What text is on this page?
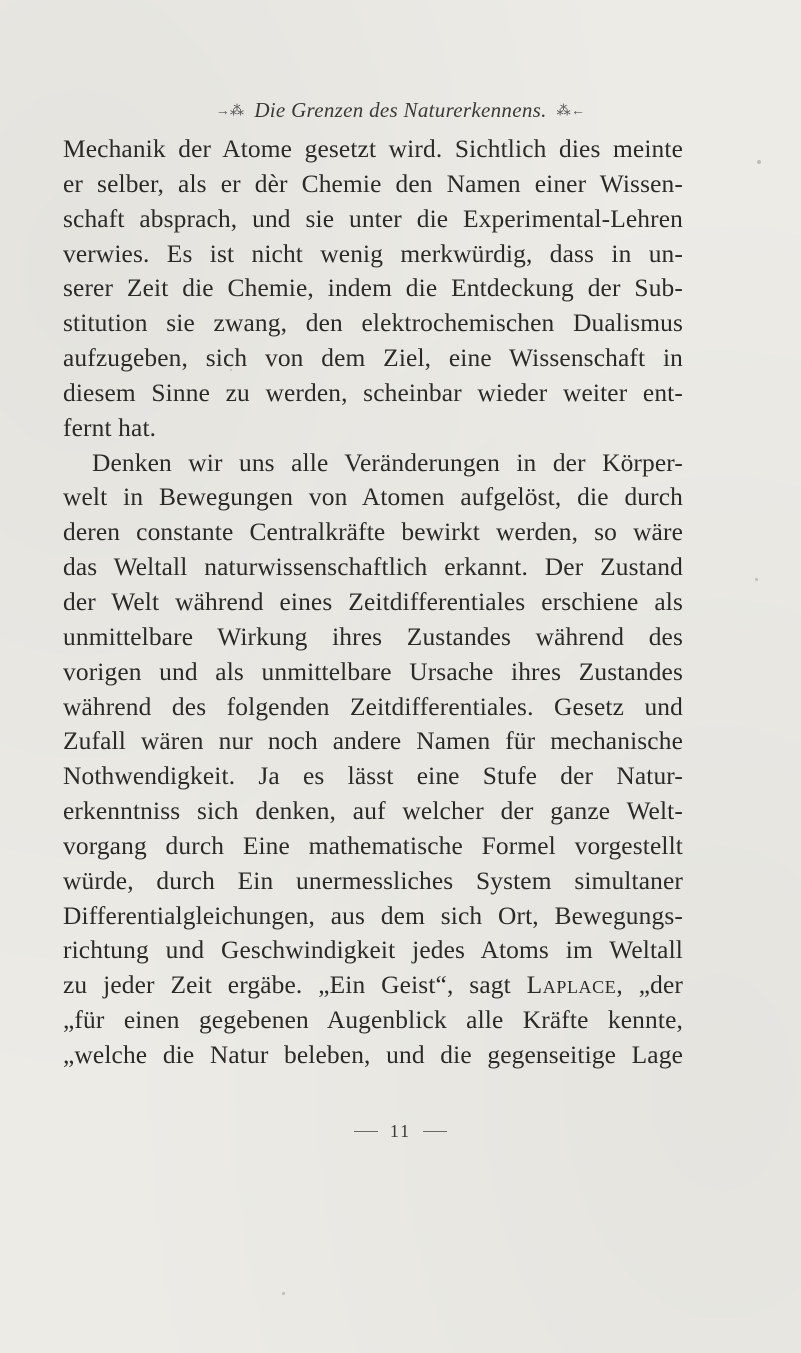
→⁂ Die Grenzen des Naturerkennens. ⁂←
Mechanik der Atome gesetzt wird. Sichtlich dies meinte
er selber, als er dèr Chemie den Namen einer Wissen-
schaft absprach, und sie unter die Experimental-Lehren
verwies. Es ist nicht wenig merkwürdig, dass in un-
serer Zeit die Chemie, indem die Entdeckung der Sub-
stitution sie zwang, den elektrochemischen Dualismus
aufzugeben, sich von dem Ziel, eine Wissenschaft in
diesem Sinne zu werden, scheinbar wieder weiter ent-
fernt hat.
Denken wir uns alle Veränderungen in der Körper-
welt in Bewegungen von Atomen aufgelöst, die durch
deren constante Centralkräfte bewirkt werden, so wäre
das Weltall naturwissenschaftlich erkannt. Der Zustand
der Welt während eines Zeitdifferentiales erschiene als
unmittelbare Wirkung ihres Zustandes während des
vorigen und als unmittelbare Ursache ihres Zustandes
während des folgenden Zeitdifferentiales. Gesetz und
Zufall wären nur noch andere Namen für mechanische
Nothwendigkeit. Ja es lässt eine Stufe der Natur-
erkenntniss sich denken, auf welcher der ganze Welt-
vorgang durch Eine mathematische Formel vorgestellt
würde, durch Ein unermessliches System simultaner
Differentialgleichungen, aus dem sich Ort, Bewegungs-
richtung und Geschwindigkeit jedes Atoms im Weltall
zu jeder Zeit ergäbe. „Ein Geist“, sagt Laplace, „der
„für einen gegebenen Augenblick alle Kräfte kennte,
„welche die Natur beleben, und die gegenseitige Lage
11
